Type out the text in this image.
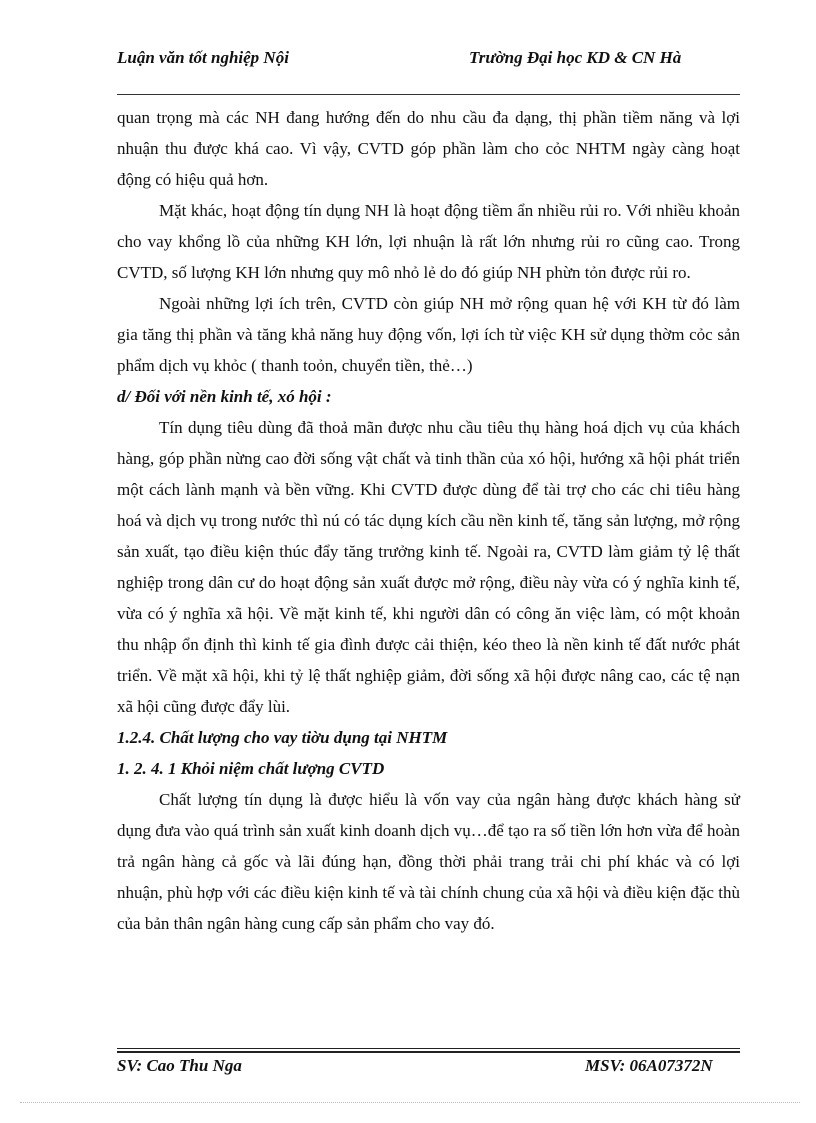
Luận văn tốt nghiệp Nội	Trường Đại học KD & CN Hà

quan trọng mà các NH đang hướng đến do nhu cầu đa dạng, thị phần tiềm năng và lợi nhuận thu được khá cao. Vì vậy, CVTD góp phần làm cho cỏc NHTM ngày càng hoạt động có hiệu quả hơn.

Mặt khác, hoạt động tín dụng NH là hoạt động tiềm ẩn nhiều rủi ro. Với nhiều khoản cho vay khổng lồ của những KH lớn, lợi nhuận là rất lớn nhưng rủi ro cũng cao. Trong CVTD, số lượng KH lớn nhưng quy mô nhỏ lẻ do đó giúp NH phừn tỏn được rủi ro.

Ngoài những lợi ích trên, CVTD còn giúp NH mở rộng quan hệ với KH từ đó làm gia tăng thị phần và tăng khả năng huy động vốn, lợi ích từ việc KH sử dụng thờm cỏc sản phẩm dịch vụ khỏc ( thanh toỏn, chuyển tiền, thẻ…)

d/ Đối với nền kinh tế, xó hội :

Tín dụng tiêu dùng đã thoả mãn được nhu cầu tiêu thụ hàng hoá dịch vụ của khách hàng, góp phần nừng cao đời sống vật chất và tinh thần của xó hội, hướng xã hội phát triển một cách lành mạnh và bền vững. Khi CVTD được dùng để tài trợ cho các chi tiêu hàng hoá và dịch vụ trong nước thì nú có tác dụng kích cầu nền kinh tế, tăng sản lượng, mở rộng sản xuất, tạo điều kiện thúc đẩy tăng trưởng kinh tế. Ngoài ra, CVTD làm giảm tỷ lệ thất nghiệp trong dân cư do hoạt động sản xuất được mở rộng, điều này vừa có ý nghĩa kinh tế, vừa có ý nghĩa xã hội. Về mặt kinh tế, khi người dân có công ăn việc làm, có một khoản thu nhập ổn định thì kinh tế gia đình được cải thiện, kéo theo là nền kinh tế đất nước phát triển. Về mặt xã hội, khi tỷ lệ thất nghiệp giảm, đời sống xã hội được nâng cao, các tệ nạn xã hội cũng được đẩy lùi.

1.2.4. Chất lượng cho vay tiờu dụng tại NHTM
1. 2. 4. 1 Khỏi niệm chất lượng CVTD

Chất lượng tín dụng là được hiểu là vốn vay của ngân hàng được khách hàng sử dụng đưa vào quá trình sản xuất kinh doanh dịch vụ…để tạo ra số tiền lớn hơn vừa để hoàn trả ngân hàng cả gốc và lãi đúng hạn, đồng thời phải trang trải chi phí khác và có lợi nhuận, phù hợp với các điều kiện kinh tế và tài chính chung của xã hội và điều kiện đặc thù của bản thân ngân hàng cung cấp sản phẩm cho vay đó.

SV: Cao Thu Nga	MSV: 06A07372N
